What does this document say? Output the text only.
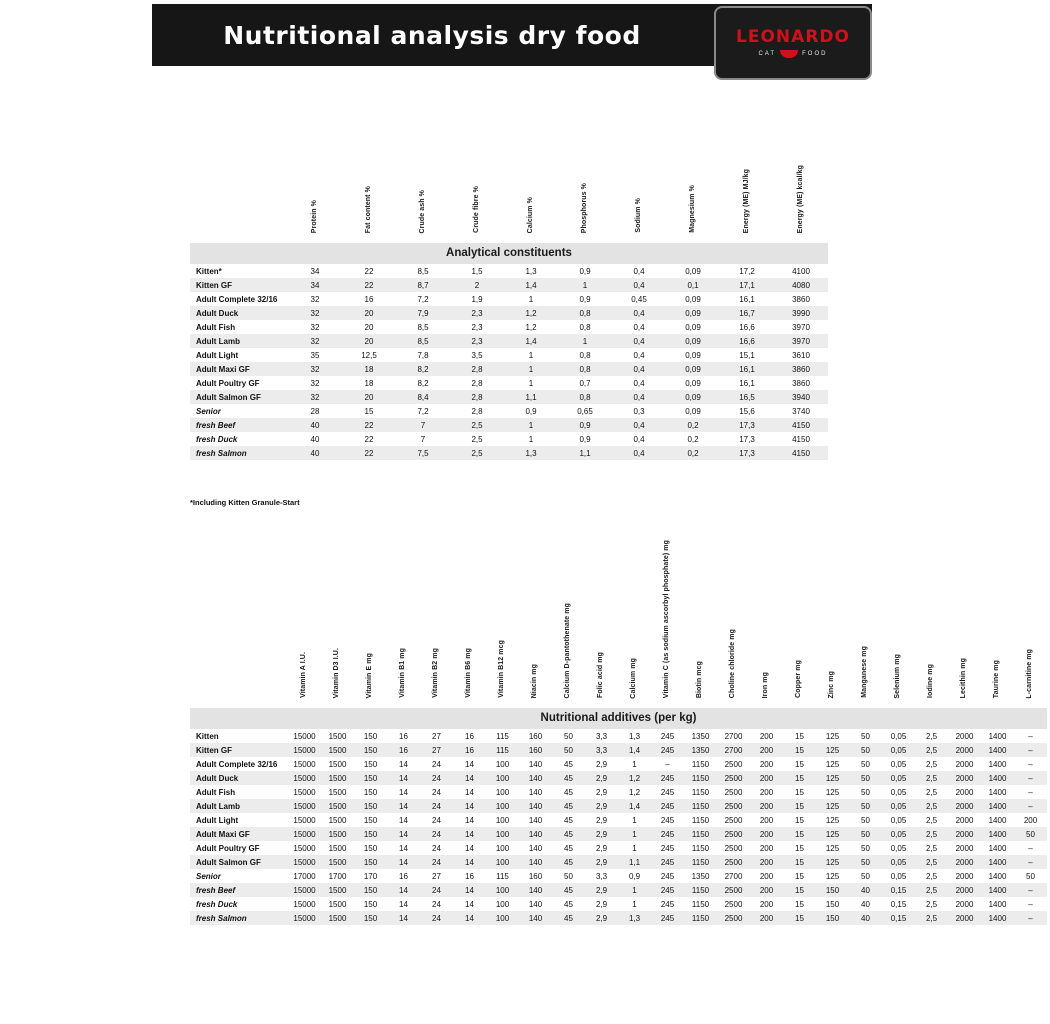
Nutritional analysis dry food	LEONARDO
CAT	FOOD
	Protein %	Fat content %	Crude ash %	Crude fibre %	Calcium %	Phosphorus %	Sodium %	Magnesium %	Energy (ME) MJ/kg	Energy (ME) kcal/kg
Analytical constituents										
Kitten*	34	22	8,5	1,5	1,3	0,9	0,4	0,09	17,2	4100
Kitten GF	34	22	8,7	2	1,4	1	0,4	0,1	17,1	4080
Adult Complete 32/16	32	16	7,2	1,9	1	0,9	0,45	0,09	16,1	3860
Adult Duck	32	20	7,9	2,3	1,2	0,8	0,4	0,09	16,7	3990
Adult Fish	32	20	8,5	2,3	1,2	0,8	0,4	0,09	16,6	3970
Adult Lamb	32	20	8,5	2,3	1,4	1	0,4	0,09	16,6	3970
Adult Light	35	12,5	7,8	3,5	1	0,8	0,4	0,09	15,1	3610
Adult Maxi GF	32	18	8,2	2,8	1	0,8	0,4	0,09	16,1	3860
Adult Poultry GF	32	18	8,2	2,8	1	0,7	0,4	0,09	16,1	3860
Adult Salmon GF	32	20	8,4	2,8	1,1	0,8	0,4	0,09	16,5	3940
Senior	28	15	7,2	2,8	0,9	0,65	0,3	0,09	15,6	3740
fresh Beef	40	22	7	2,5	1	0,9	0,4	0,2	17,3	4150
fresh Duck	40	22	7	2,5	1	0,9	0,4	0,2	17,3	4150
fresh Salmon	40	22	7,5	2,5	1,3	1,1	0,4	0,2	17,3	4150
*Including Kitten Granule-Start
	Vitamin A I.U.	Vitamin D3 I.U.	Vitamin E mg	Vitamin B1 mg	Vitamin B2 mg	Vitamin B6 mg	Vitamin B12 mcg	Niacin mg	Calcium D-pantothenate mg	Folic acid mg	Calcium mg	Vitamin C (as sodium ascorbyl phosphate) mg	Biotin mcg	Choline chloride mg	Iron mg	Copper mg	Zinc mg	Manganese mg	Selenium mg	Iodine mg	Lecithin mg	Taurine mg	L-carnitine mg
Nutritional additives (per kg)																							
Kitten	15000	1500	150	16	27	16	115	160	50	3,3	1,3	245	1350	2700	200	15	125	50	0,05	2,5	2000	1400	–
Kitten GF	15000	1500	150	16	27	16	115	160	50	3,3	1,4	245	1350	2700	200	15	125	50	0,05	2,5	2000	1400	–
Adult Complete 32/16	15000	1500	150	14	24	14	100	140	45	2,9	1	–	1150	2500	200	15	125	50	0,05	2,5	2000	1400	–
Adult Duck	15000	1500	150	14	24	14	100	140	45	2,9	1,2	245	1150	2500	200	15	125	50	0,05	2,5	2000	1400	–
Adult Fish	15000	1500	150	14	24	14	100	140	45	2,9	1,2	245	1150	2500	200	15	125	50	0,05	2,5	2000	1400	–
Adult Lamb	15000	1500	150	14	24	14	100	140	45	2,9	1,4	245	1150	2500	200	15	125	50	0,05	2,5	2000	1400	–
Adult Light	15000	1500	150	14	24	14	100	140	45	2,9	1	245	1150	2500	200	15	125	50	0,05	2,5	2000	1400	200
Adult Maxi GF	15000	1500	150	14	24	14	100	140	45	2,9	1	245	1150	2500	200	15	125	50	0,05	2,5	2000	1400	50
Adult Poultry GF	15000	1500	150	14	24	14	100	140	45	2,9	1	245	1150	2500	200	15	125	50	0,05	2,5	2000	1400	–
Adult Salmon GF	15000	1500	150	14	24	14	100	140	45	2,9	1,1	245	1150	2500	200	15	125	50	0,05	2,5	2000	1400	–
Senior	17000	1700	170	16	27	16	115	160	50	3,3	0,9	245	1350	2700	200	15	125	50	0,05	2,5	2000	1400	50
fresh Beef	15000	1500	150	14	24	14	100	140	45	2,9	1	245	1150	2500	200	15	150	40	0,15	2,5	2000	1400	–
fresh Duck	15000	1500	150	14	24	14	100	140	45	2,9	1	245	1150	2500	200	15	150	40	0,15	2,5	2000	1400	–
fresh Salmon	15000	1500	150	14	24	14	100	140	45	2,9	1,3	245	1150	2500	200	15	150	40	0,15	2,5	2000	1400	–
